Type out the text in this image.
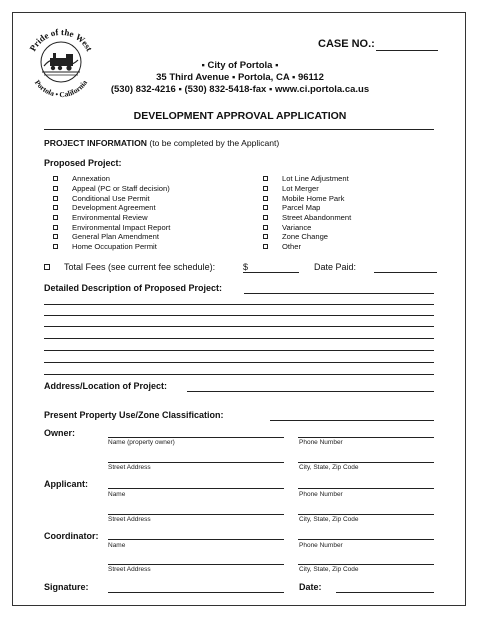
Pride of the West
Portola • California
CASE NO.:
▪ City of Portola ▪
35 Third Avenue ▪ Portola, CA ▪ 96112
(530) 832-4216 ▪ (530) 832-5418-fax ▪ www.ci.portola.ca.us
DEVELOPMENT APPROVAL APPLICATION
PROJECT INFORMATION (to be completed by the Applicant)
Proposed Project:
Annexation
Appeal (PC or Staff decision)
Conditional Use Permit
Development Agreement
Environmental Review
Environmental Impact Report
General Plan Amendment
Home Occupation Permit
Lot Line Adjustment
Lot Merger
Mobile Home Park
Parcel Map
Street Abandonment
Variance
Zone Change
Other
Total Fees (see current fee schedule):	$	Date Paid:
Detailed Description of Proposed Project:
Address/Location of Project:
Present Property Use/Zone Classification:
Owner:
Name (property owner)	Phone Number
Street Address	City, State, Zip Code
Applicant:
Name	Phone Number
Street Address	City, State, Zip Code
Coordinator:
Name	Phone Number
Street Address	City, State, Zip Code
Signature:	Date:
